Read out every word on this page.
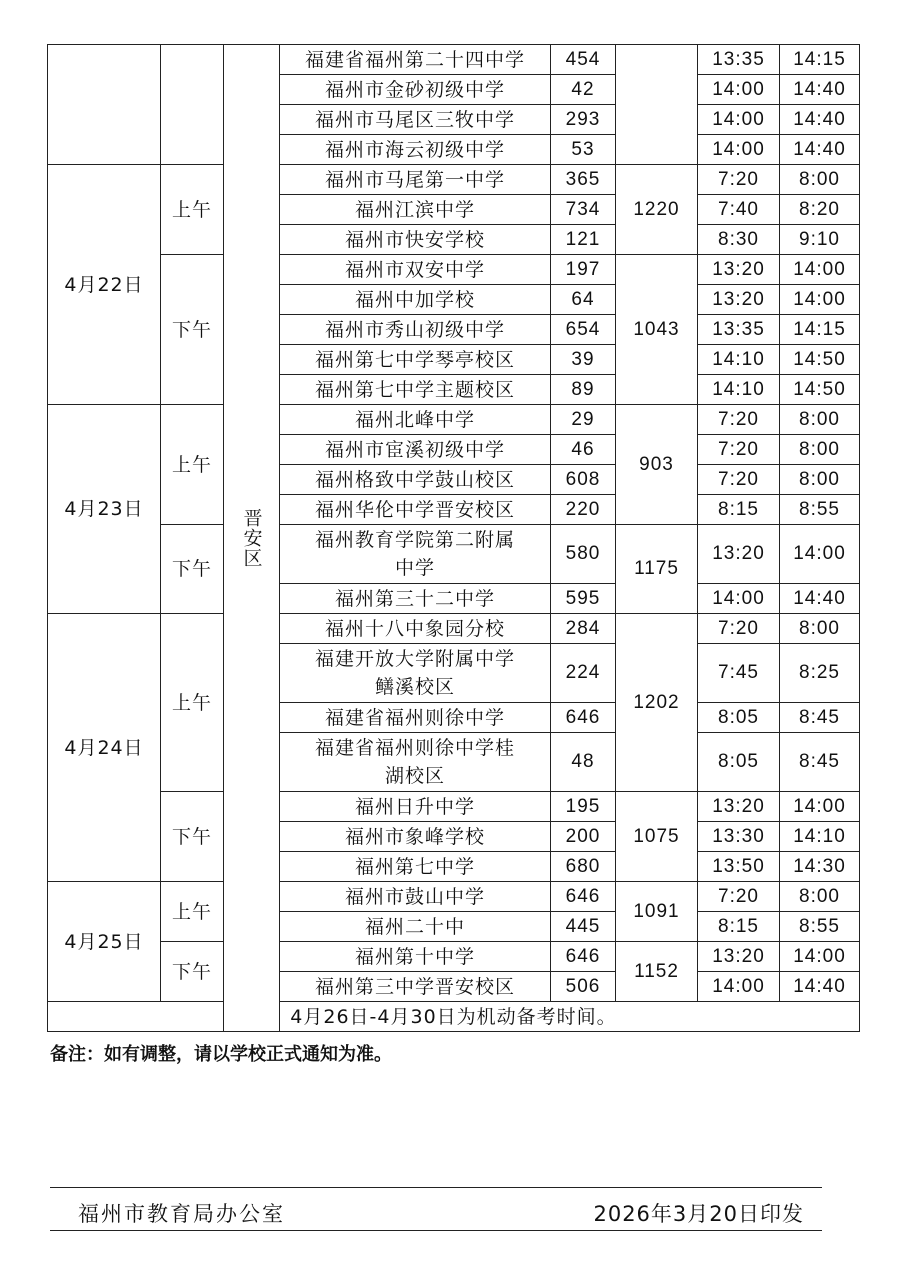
		晋安区	福建省福州第二十四中学	454		13:35	14:15
			福州市金砂初级中学	42		14:00	14:40
			福州市马尾区三牧中学	293		14:00	14:40
			福州市海云初级中学	53		14:00	14:40
4月22日	上午		福州市马尾第一中学	365	1220	7:20	8:00
			福州江滨中学	734		7:40	8:20
			福州市快安学校	121		8:30	9:10
	下午		福州市双安中学	197	1043	13:20	14:00
			福州中加学校	64		13:20	14:00
			福州市秀山初级中学	654		13:35	14:15
			福州第七中学琴亭校区	39		14:10	14:50
			福州第七中学主题校区	89		14:10	14:50
4月23日	上午		福州北峰中学	29	903	7:20	8:00
			福州市宦溪初级中学	46		7:20	8:00
			福州格致中学鼓山校区	608		7:20	8:00
			福州华伦中学晋安校区	220		8:15	8:55
	下午		福州教育学院第二附属中学	580	1175	13:20	14:00
			福州第三十二中学	595		14:00	14:40
4月24日	上午		福州十八中象园分校	284	1202	7:20	8:00
			福建开放大学附属中学鳝溪校区	224		7:45	8:25
			福建省福州则徐中学	646		8:05	8:45
			福建省福州则徐中学桂湖校区	48		8:05	8:45
	下午		福州日升中学	195	1075	13:20	14:00
			福州市象峰学校	200		13:30	14:10
			福州第七中学	680		13:50	14:30
4月25日	上午		福州市鼓山中学	646	1091	7:20	8:00
			福州二十中	445		8:15	8:55
	下午		福州第十中学	646	1152	13:20	14:00
			福州第三中学晋安校区	506		14:00	14:40
4月26日-4月30日为机动备考时间。							
备注：如有调整，请以学校正式通知为准。
福州市教育局办公室	2026年3月20日印发
